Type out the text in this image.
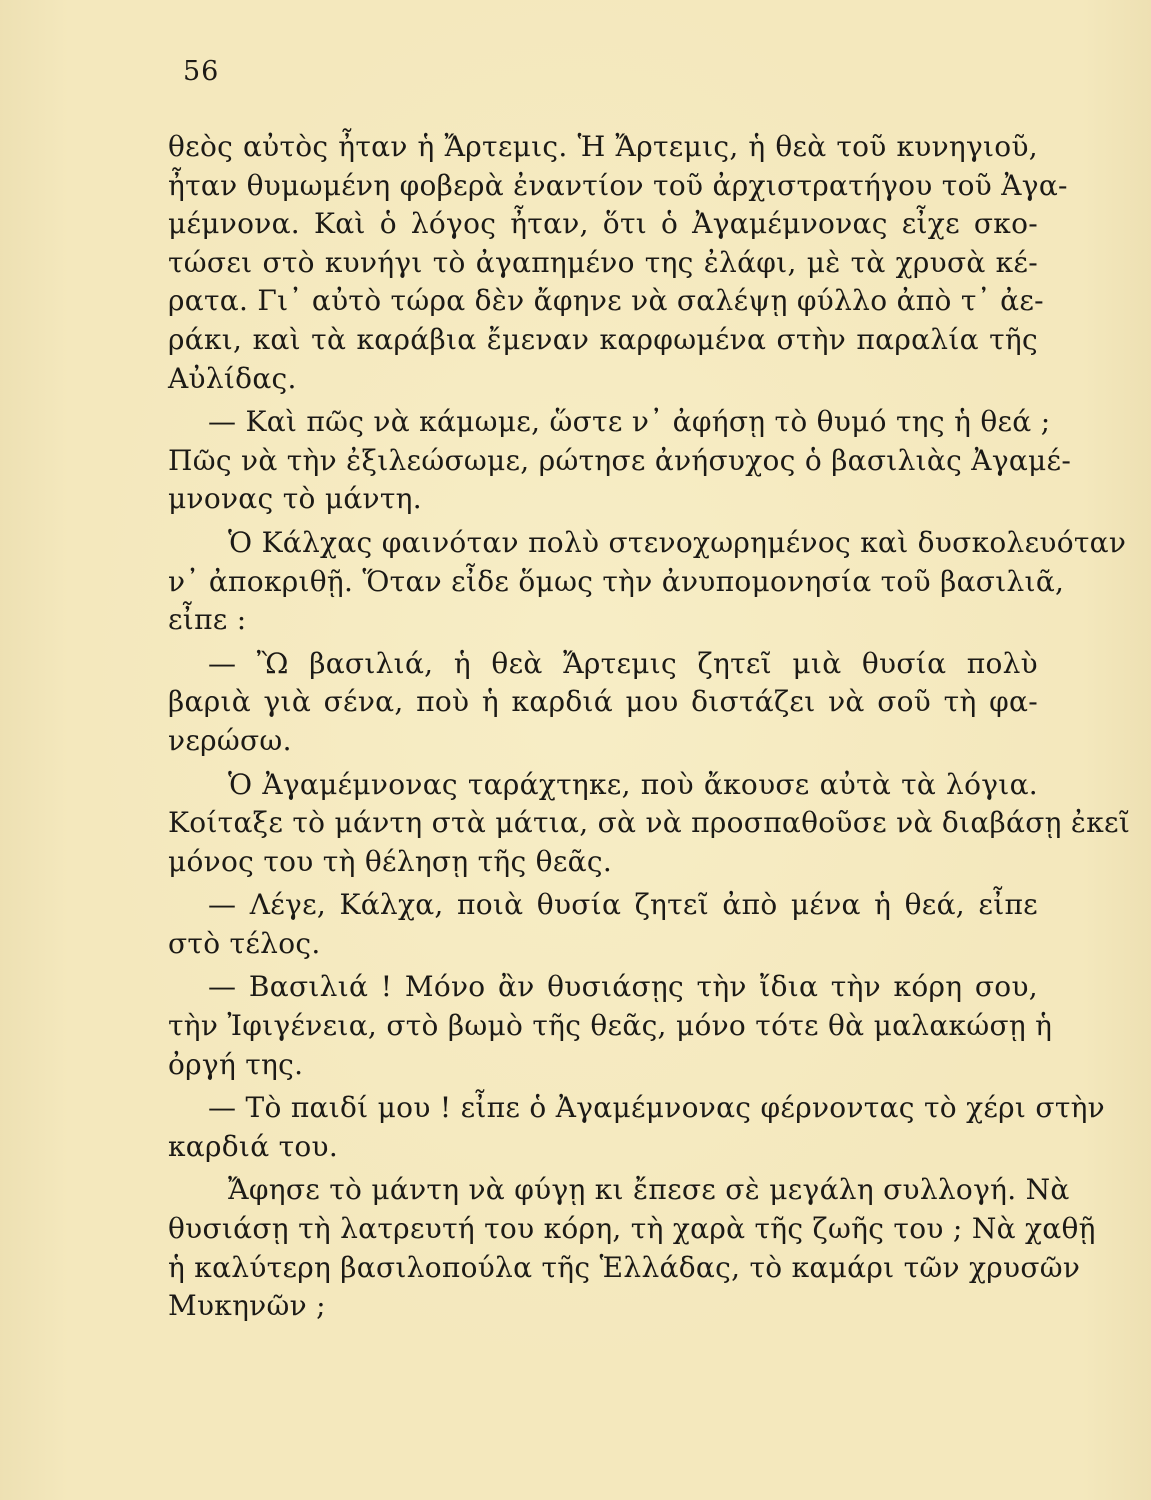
56
θεὸς αὐτὸς ἦταν ἡ Ἄρτεμις. Ἡ Ἄρτεμις, ἡ θεὰ τοῦ κυνηγιοῦ,
ἦταν θυμωμένη φοβερὰ ἐναντίον τοῦ ἀρχιστρατήγου τοῦ Ἀγα-
μέμνονα. Καὶ ὁ λόγος ἦταν, ὅτι ὁ Ἀγαμέμνονας εἶχε σκο-
τώσει στὸ κυνήγι τὸ ἀγαπημένο της ἐλάφι, μὲ τὰ χρυσὰ κέ-
ρατα. Γι᾿ αὐτὸ τώρα δὲν ἄφηνε νὰ σαλέψῃ φύλλο ἀπὸ τ᾿ ἀε-
ράκι, καὶ τὰ καράβια ἔμεναν καρφωμένα στὴν παραλία τῆς
Αὐλίδας.
— Καὶ πῶς νὰ κάμωμε, ὥστε ν᾿ ἀφήσῃ τὸ θυμό της ἡ θεά ;
Πῶς νὰ τὴν ἐξιλεώσωμε, ρώτησε ἀνήσυχος ὁ βασιλιὰς Ἀγαμέ-
μνονας τὸ μάντη.
Ὁ Κάλχας φαινόταν πολὺ στενοχωρημένος καὶ δυσκολευόταν
ν᾿ ἀποκριθῇ. Ὅταν εἶδε ὅμως τὴν ἀνυπομονησία τοῦ βασιλιᾶ,
εἶπε :
— Ὢ βασιλιά, ἡ θεὰ Ἄρτεμις ζητεῖ μιὰ θυσία πολὺ
βαριὰ γιὰ σένα, ποὺ ἡ καρδιά μου διστάζει νὰ σοῦ τὴ φα-
νερώσω.
Ὁ Ἀγαμέμνονας ταράχτηκε, ποὺ ἄκουσε αὐτὰ τὰ λόγια.
Κοίταξε τὸ μάντη στὰ μάτια, σὰ νὰ προσπαθοῦσε νὰ διαβάσῃ ἐκεῖ
μόνος του τὴ θέλησῃ τῆς θεᾶς.
— Λέγε, Κάλχα, ποιὰ θυσία ζητεῖ ἀπὸ μένα ἡ θεά, εἶπε
στὸ τέλος.
— Βασιλιά ! Μόνο ἂν θυσιάσῃς τὴν ἴδια τὴν κόρη σου,
τὴν Ἰφιγένεια, στὸ βωμὸ τῆς θεᾶς, μόνο τότε θὰ μαλακώσῃ ἡ
ὀργή της.
— Τὸ παιδί μου ! εἶπε ὁ Ἀγαμέμνονας φέρνοντας τὸ χέρι στὴν
καρδιά του.
Ἄφησε τὸ μάντη νὰ φύγῃ κι ἔπεσε σὲ μεγάλη συλλογή. Νὰ
θυσιάσῃ τὴ λατρευτή του κόρη, τὴ χαρὰ τῆς ζωῆς του ; Νὰ χαθῇ
ἡ καλύτερη βασιλοπούλα τῆς Ἑλλάδας, τὸ καμάρι τῶν χρυσῶν
Μυκηνῶν ;
